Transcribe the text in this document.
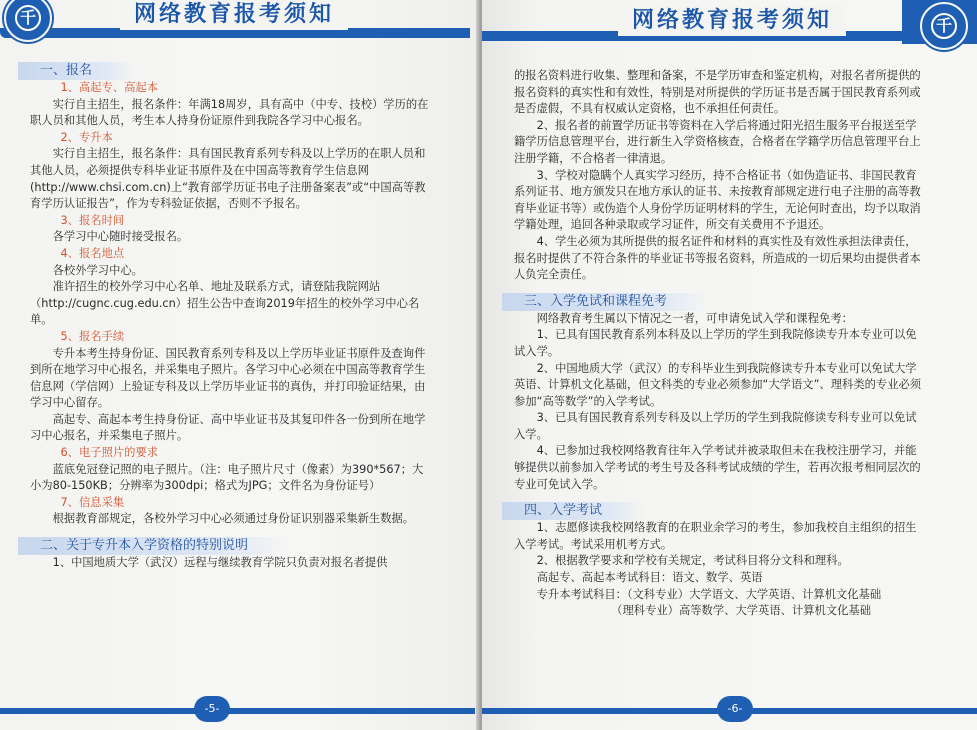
网络教育报考须知
千
一、报名

1、高起专、高起本

实行自主招生，报名条件：年满18周岁，具有高中（中专、技校）学历的在职人员和其他人员，考生本人持身份证原件到我院各学习中心报名。

2、专升本

实行自主招生，报名条件：具有国民教育系列专科及以上学历的在职人员和其他人员，必须提供专科毕业证书原件及在中国高等教育学生信息网(http://www.chsi.com.cn)上“教育部学历证书电子注册备案表”或“中国高等教育学历认证报告”，作为专科验证依据，否则不予报名。

3、报名时间

各学习中心随时接受报名。

4、报名地点

各校外学习中心。

准许招生的校外学习中心名单、地址及联系方式，请登陆我院网站（http://cugnc.cug.edu.cn）招生公告中查询2019年招生的校外学习中心名单。

5、报名手续

专升本考生持身份证、国民教育系列专科及以上学历毕业证书原件及查询件到所在地学习中心报名，并采集电子照片。各学习中心必须在中国高等教育学生信息网（学信网）上验证专科及以上学历毕业证书的真伪，并打印验证结果，由学习中心留存。

高起专、高起本考生持身份证、高中毕业证书及其复印件各一份到所在地学习中心报名，并采集电子照片。

6、电子照片的要求

蓝底免冠登记照的电子照片。（注：电子照片尺寸（像素）为390*567；大小为80-150KB；分辨率为300dpi；格式为JPG；文件名为身份证号）

7、信息采集

根据教育部规定，各校外学习中心必须通过身份证识别器采集新生数据。

二、关于专升本入学资格的特别说明

1、中国地质大学（武汉）远程与继续教育学院只负责对报名者提供

-5-
网络教育报考须知	千

的报名资料进行收集、整理和备案，不是学历审查和鉴定机构，对报名者所提供的报名资料的真实性和有效性，特别是对所提供的学历证书是否属于国民教育系列或是否虚假，不具有权威认定资格，也不承担任何责任。

2、报名者的前置学历证书等资料在入学后将通过阳光招生服务平台报送至学籍学历信息管理平台，进行新生入学资格核查，合格者在学籍学历信息管理平台上注册学籍，不合格者一律清退。

3、学校对隐瞒个人真实学习经历，持不合格证书（如伪造证书、非国民教育系列证书、地方颁发只在地方承认的证书、未按教育部规定进行电子注册的高等教育毕业证书等）或伪造个人身份学历证明材料的学生，无论何时查出，均予以取消学籍处理，追回各种录取或学习证件，所交有关费用不予退还。

4、学生必须为其所提供的报名证件和材料的真实性及有效性承担法律责任，报名时提供了不符合条件的毕业证书等报名资料，所造成的一切后果均由提供者本人负完全责任。

三、入学免试和课程免考

网络教育考生属以下情况之一者，可申请免试入学和课程免考：

1、已具有国民教育系列本科及以上学历的学生到我院修读专升本专业可以免试入学。

2、中国地质大学（武汉）的专科毕业生到我院修读专升本专业可以免试大学英语、计算机文化基础，但文科类的专业必须参加“大学语文”、理科类的专业必须参加“高等数学”的入学考试。

3、已具有国民教育系列专科及以上学历的学生到我院修读专科专业可以免试入学。

4、已参加过我校网络教育往年入学考试并被录取但未在我校注册学习，并能够提供以前参加入学考试的考生号及各科考试成绩的学生，若再次报考相同层次的专业可免试入学。

四、入学考试

1、志愿修读我校网络教育的在职业余学习的考生，参加我校自主组织的招生入学考试。考试采用机考方式。

2、根据教学要求和学校有关规定，考试科目将分文科和理科。

高起专、高起本考试科目：语文、数学、英语

专升本考试科目：（文科专业）大学语文、大学英语、计算机文化基础

（理科专业）高等数学、大学英语、计算机文化基础

-6-
